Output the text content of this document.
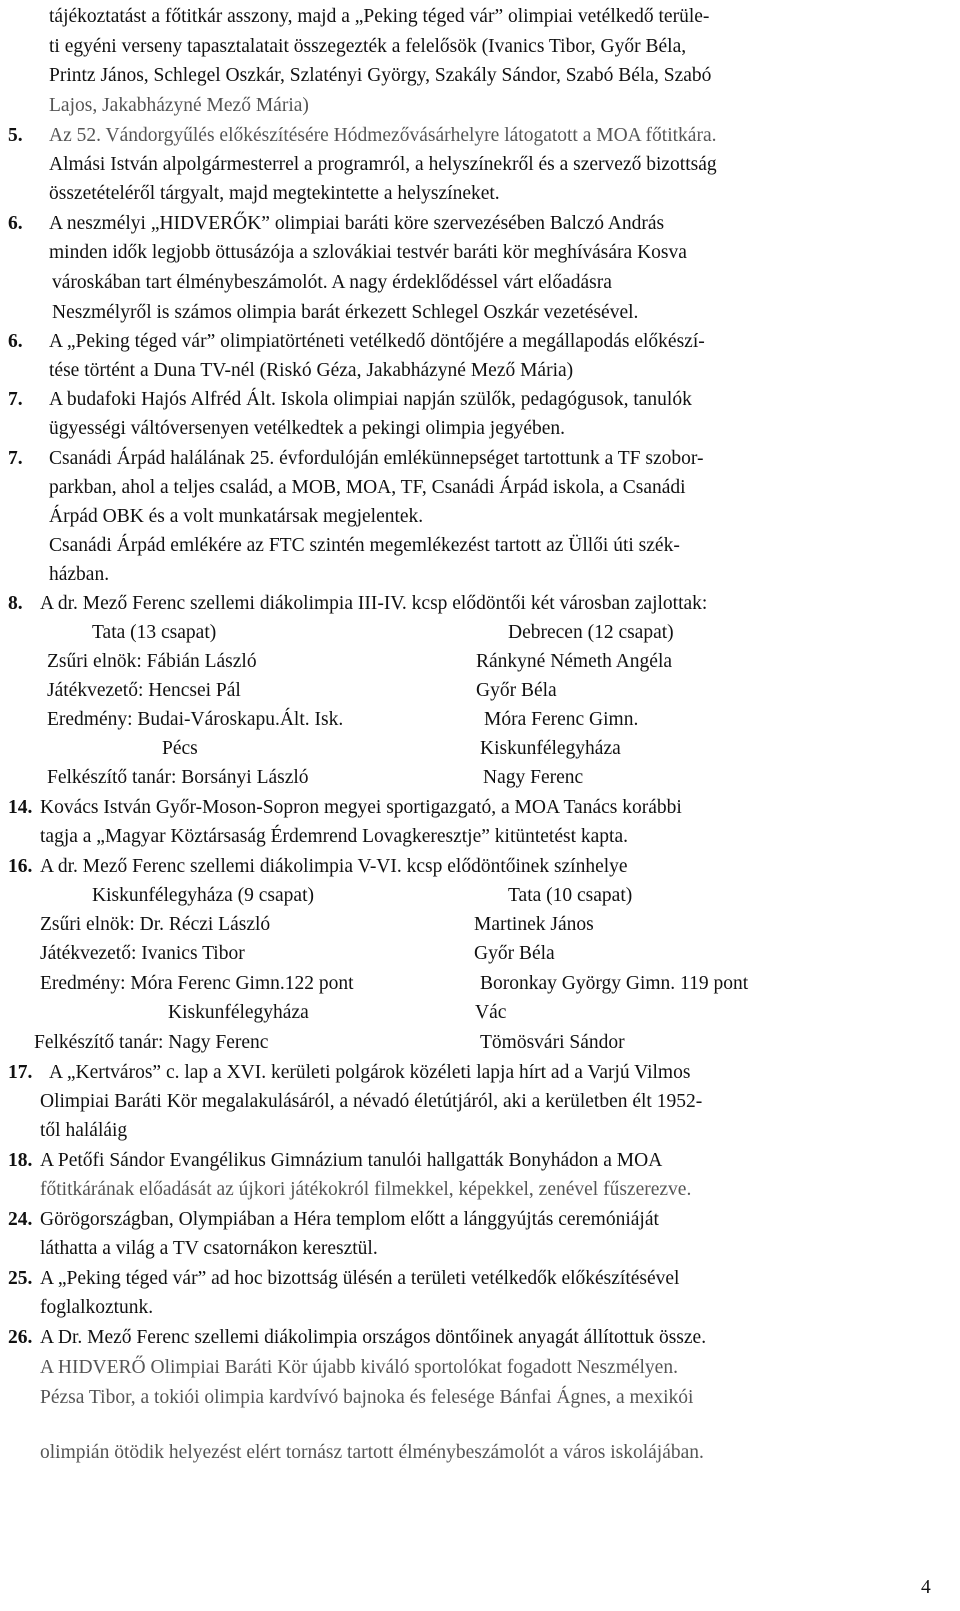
tájékoztatást a főtitkár asszony, majd a „Peking téged vár” olimpiai vetélkedő terüle-
ti egyéni verseny tapasztalatait összegezték a felelősök (Ivanics Tibor, Győr Béla,
Printz János, Schlegel Oszkár, Szlatényi György, Szakály Sándor, Szabó Béla, Szabó
Lajos, Jakabházyné Mező Mária)
5. Az 52. Vándorgyűlés előkészítésére Hódmezővásárhelyre látogatott a MOA főtitkára.
Almási István alpolgármesterrel a programról, a helyszínekről és a szervező bizottság
összetételéről tárgyalt, majd megtekintette a helyszíneket.
6. A neszmélyi „HIDVERŐK” olimpiai baráti köre szervezésében Balczó András
minden idők legjobb öttusázója a szlovákiai testvér baráti kör meghívására Kosva
városkában tart élménybeszámolót. A nagy érdeklődéssel várt előadásra
Neszmélyről is számos olimpia barát érkezett Schlegel Oszkár vezetésével.
6. A „Peking téged vár” olimpiatörténeti vetélkedő döntőjére a megállapodás előkészí-
tése történt a Duna TV-nél (Riskó Géza, Jakabházyné Mező Mária)
7. A budafoki Hajós Alfréd Ált. Iskola olimpiai napján szülők, pedagógusok, tanulók
ügyességi váltóversenyen vetélkedtek a pekingi olimpia jegyében.
7. Csanádi Árpád halálának 25. évfordulóján emlékünnepséget tartottunk a TF szobor-
parkban, ahol a teljes család, a MOB, MOA, TF, Csanádi Árpád iskola, a Csanádi
Árpád OBK és a volt munkatársak megjelentek.
Csanádi Árpád emlékére az FTC szintén megemlékezést tartott az Üllői úti szék-
házban.
8. A dr. Mező Ferenc szellemi diákolimpia III-IV. kcsp elődöntői két városban zajlottak:
Tata (13 csapat)	Debrecen (12 csapat)
Zsűri elnök: Fábián László	Ránkyné Németh Angéla
Játékvezető: Hencsei Pál	Győr Béla
Eredmény: Budai-Városkapu.Ált. Isk.	Móra Ferenc Gimn.
Pécs	Kiskunfélegyháza
Felkészítő tanár: Borsányi László	Nagy Ferenc
14. Kovács István Győr-Moson-Sopron megyei sportigazgató, a MOA Tanács korábbi
tagja a „Magyar Köztársaság Érdemrend Lovagkeresztje” kitüntetést kapta.
16. A dr. Mező Ferenc szellemi diákolimpia V-VI. kcsp elődöntőinek színhelye
Kiskunfélegyháza (9 csapat)	Tata (10 csapat)
Zsűri elnök: Dr. Réczi László	Martinek János
Játékvezető: Ivanics Tibor	Győr Béla
Eredmény: Móra Ferenc Gimn.122 pont	Boronkay György Gimn. 119 pont
Kiskunfélegyháza	Vác
Felkészítő tanár: Nagy Ferenc	Tömösvári Sándor
17. A „Kertváros” c. lap a XVI. kerületi polgárok közéleti lapja hírt ad a Varjú Vilmos
Olimpiai Baráti Kör megalakulásáról, a névadó életútjáról, aki a kerületben élt 1952-
től haláláig
18. A Petőfi Sándor Evangélikus Gimnázium tanulói hallgatták Bonyhádon a MOA
főtitkárának előadását az újkori játékokról filmekkel, képekkel, zenével fűszerezve.
24. Görögországban, Olympiában a Héra templom előtt a lánggyújtás ceremóniáját
láthatta a világ a TV csatornákon keresztül.
25. A „Peking téged vár” ad hoc bizottság ülésén a területi vetélkedők előkészítésével
foglalkoztunk.
26. A Dr. Mező Ferenc szellemi diákolimpia országos döntőinek anyagát állítottuk össze.
A HIDVERŐ Olimpiai Baráti Kör újabb kiváló sportolókat fogadott Neszmélyen.
Pézsa Tibor, a tokiói olimpia kardvívó bajnoka és felesége Bánfai Ágnes, a mexikói
olimpián ötödik helyezést elért tornász tartott élménybeszámolót a város iskolájában.
4
